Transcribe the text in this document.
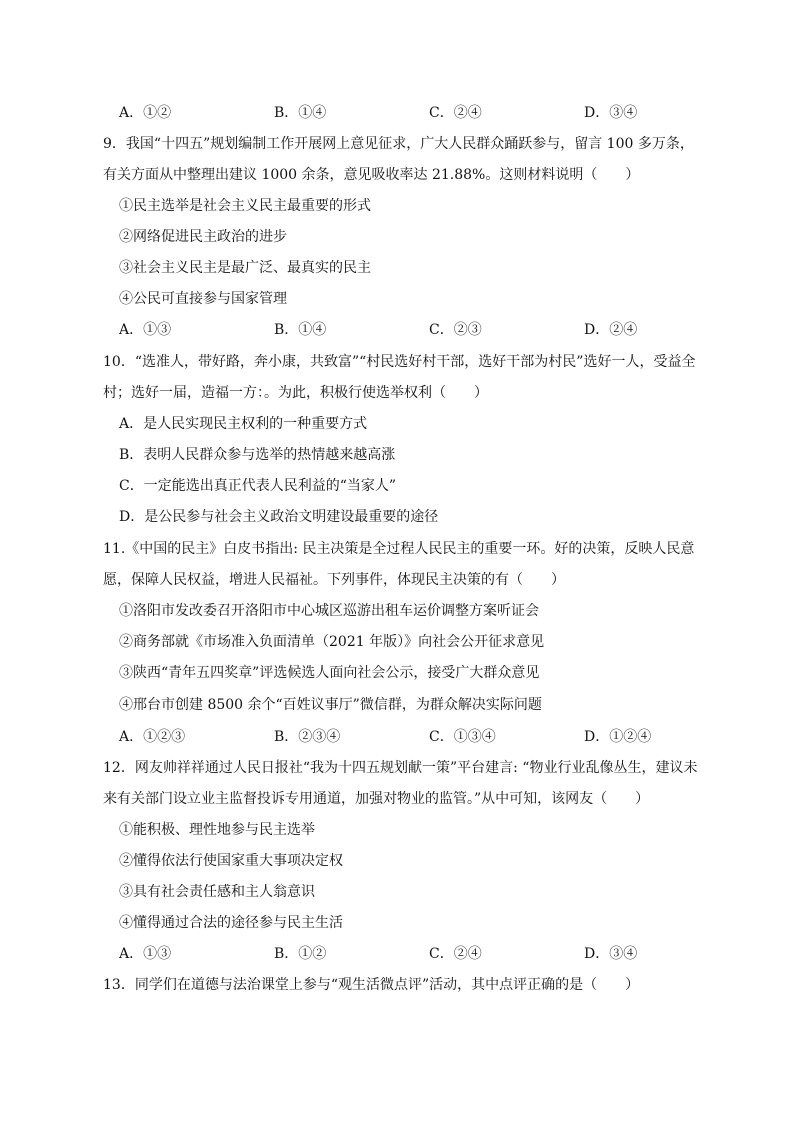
A．①②	B．①④	C．②④	D．③④
9．我国“十四五”规划编制工作开展网上意见征求，广大人民群众踊跃参与，留言 100 多万条，
有关方面从中整理出建议 1000 余条，意见吸收率达 21.88%。这则材料说明（　　）
①民主选举是社会主义民主最重要的形式
②网络促进民主政治的进步
③社会主义民主是最广泛、最真实的民主
④公民可直接参与国家管理
A．①③	B．①④	C．②③	D．②④
10．“选准人，带好路，奔小康，共致富”“村民选好村干部，选好干部为村民”选好一人，受益全
村；选好一届，造福一方：。为此，积极行使选举权利（　　）
A．是人民实现民主权利的一种重要方式
B．表明人民群众参与选举的热情越来越高涨
C．一定能选出真正代表人民利益的“当家人”
D．是公民参与社会主义政治文明建设最重要的途径
11.《中国的民主》白皮书指出: 民主决策是全过程人民民主的重要一环。好的决策，反映人民意
愿，保障人民权益，增进人民福祉。下列事件，体现民主决策的有（　　）
①洛阳市发改委召开洛阳市中心城区巡游出租车运价调整方案听证会
②商务部就《市场准入负面清单（2021 年版）》向社会公开征求意见
③陕西“青年五四奖章”评选候选人面向社会公示，接受广大群众意见
④邢台市创建 8500 余个“百姓议事厅”微信群，为群众解决实际问题
A．①②③	B．②③④	C．①③④	D．①②④
12．网友帅祥祥通过人民日报社“我为十四五规划献一策”平台建言: “物业行业乱像丛生，建议未
来有关部门设立业主监督投诉专用通道，加强对物业的监管。”从中可知，该网友（　　）
①能积极、理性地参与民主选举
②懂得依法行使国家重大事项决定权
③具有社会责任感和主人翁意识
④懂得通过合法的途径参与民主生活
A．①③	B．①②	C．②④	D．③④
13．同学们在道德与法治课堂上参与“观生活微点评”活动，其中点评正确的是（　　）
